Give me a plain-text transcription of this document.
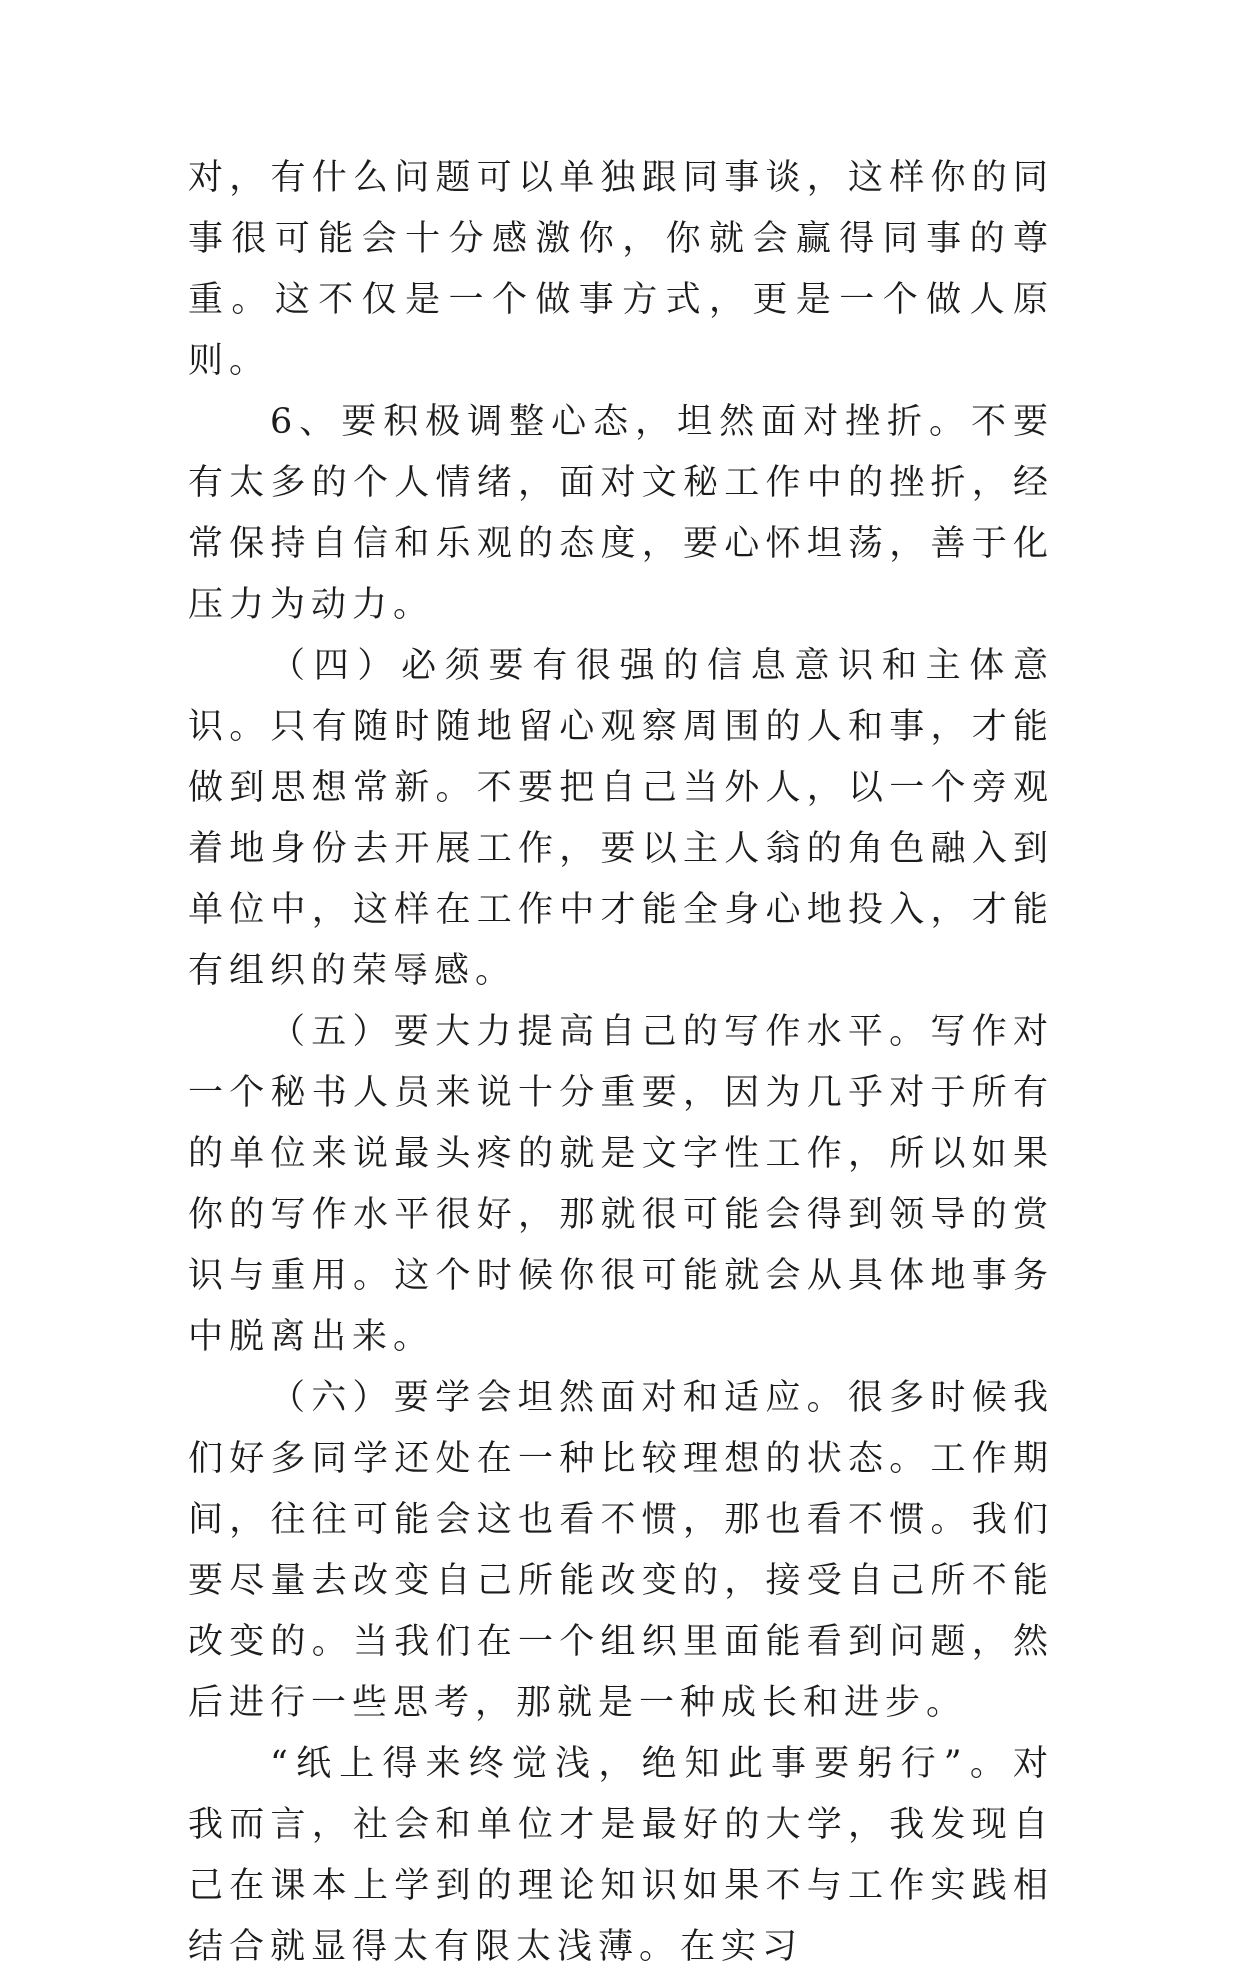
对，有什么问题可以单独跟同事谈，这样你的同事很可能会十分感激你，你就会赢得同事的尊重。这不仅是一个做事方式，更是一个做人原则。

6、要积极调整心态，坦然面对挫折。不要有太多的个人情绪，面对文秘工作中的挫折，经常保持自信和乐观的态度，要心怀坦荡，善于化压力为动力。

（四）必须要有很强的信息意识和主体意识。只有随时随地留心观察周围的人和事，才能做到思想常新。不要把自己当外人，以一个旁观着地身份去开展工作，要以主人翁的角色融入到单位中，这样在工作中才能全身心地投入，才能有组织的荣辱感。

（五）要大力提高自己的写作水平。写作对一个秘书人员来说十分重要，因为几乎对于所有的单位来说最头疼的就是文字性工作，所以如果你的写作水平很好，那就很可能会得到领导的赏识与重用。这个时候你很可能就会从具体地事务中脱离出来。

（六）要学会坦然面对和适应。很多时候我们好多同学还处在一种比较理想的状态。工作期间，往往可能会这也看不惯，那也看不惯。我们要尽量去改变自己所能改变的，接受自己所不能改变的。当我们在一个组织里面能看到问题，然后进行一些思考，那就是一种成长和进步。

“纸上得来终觉浅，绝知此事要躬行”。对我而言，社会和单位才是最好的大学，我发现自己在课本上学到的理论知识如果不与工作实践相结合就显得太有限太浅薄。在实习
